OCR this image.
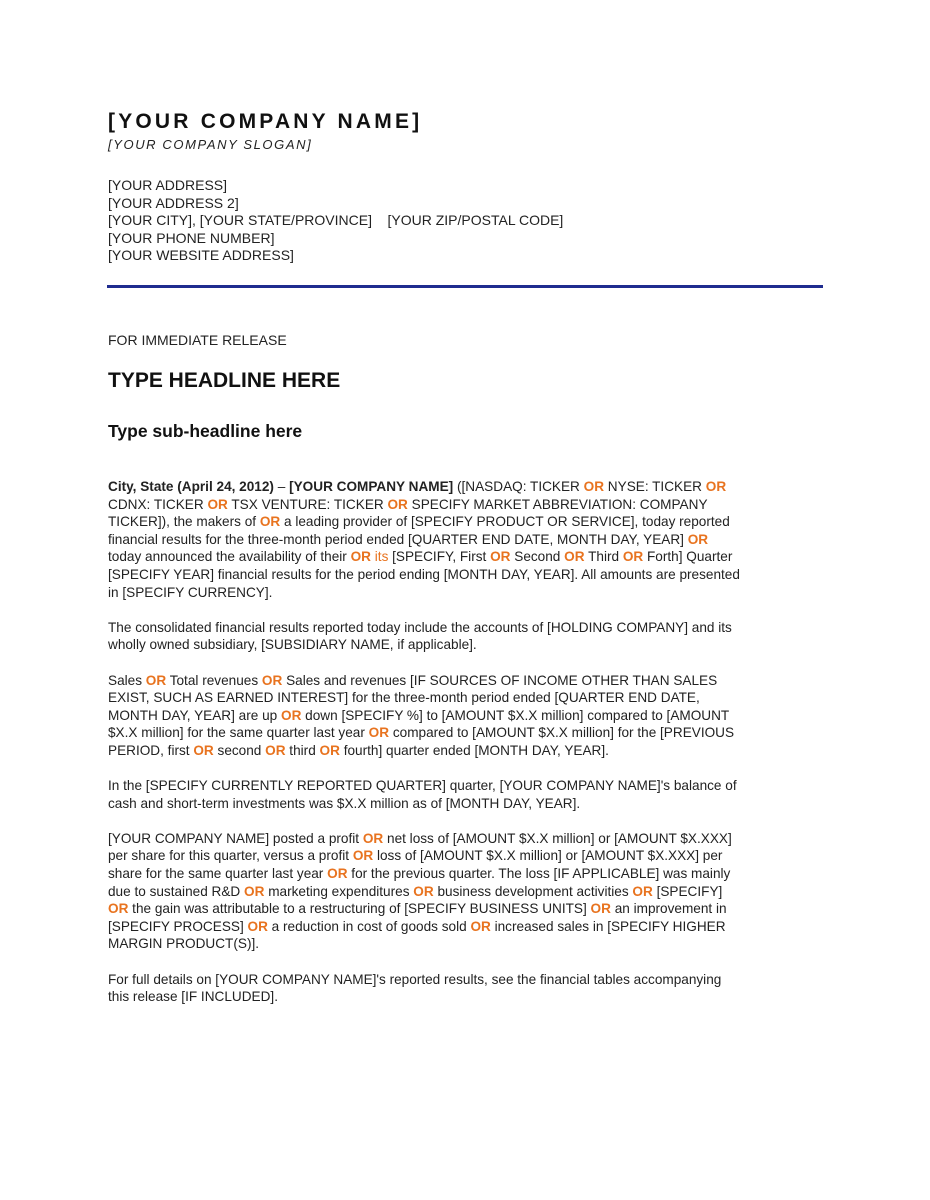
[YOUR COMPANY NAME]
[YOUR COMPANY SLOGAN]
[YOUR ADDRESS]
[YOUR ADDRESS 2]
[YOUR CITY], [YOUR STATE/PROVINCE]    [YOUR ZIP/POSTAL CODE]
[YOUR PHONE NUMBER]
[YOUR WEBSITE ADDRESS]
FOR IMMEDIATE RELEASE
TYPE HEADLINE HERE
Type sub-headline here

City, State (April 24, 2012) – [YOUR COMPANY NAME] ([NASDAQ: TICKER OR NYSE: TICKER OR
CDNX: TICKER OR TSX VENTURE: TICKER OR SPECIFY MARKET ABBREVIATION: COMPANY
TICKER]), the makers of OR a leading provider of [SPECIFY PRODUCT OR SERVICE], today reported
financial results for the three-month period ended [QUARTER END DATE, MONTH DAY, YEAR] OR
today announced the availability of their OR its [SPECIFY, First OR Second OR Third OR Forth] Quarter
[SPECIFY YEAR] financial results for the period ending [MONTH DAY, YEAR]. All amounts are presented
in [SPECIFY CURRENCY].

The consolidated financial results reported today include the accounts of [HOLDING COMPANY] and its
wholly owned subsidiary, [SUBSIDIARY NAME, if applicable].

Sales OR Total revenues OR Sales and revenues [IF SOURCES OF INCOME OTHER THAN SALES
EXIST, SUCH AS EARNED INTEREST] for the three-month period ended [QUARTER END DATE,
MONTH DAY, YEAR] are up OR down [SPECIFY %] to [AMOUNT $X.X million] compared to [AMOUNT
$X.X million] for the same quarter last year OR compared to [AMOUNT $X.X million] for the [PREVIOUS
PERIOD, first OR second OR third OR fourth] quarter ended [MONTH DAY, YEAR].

In the [SPECIFY CURRENTLY REPORTED QUARTER] quarter, [YOUR COMPANY NAME]'s balance of
cash and short-term investments was $X.X million as of [MONTH DAY, YEAR].

[YOUR COMPANY NAME] posted a profit OR net loss of [AMOUNT $X.X million] or [AMOUNT $X.XXX]
per share for this quarter, versus a profit OR loss of [AMOUNT $X.X million] or [AMOUNT $X.XXX] per
share for the same quarter last year OR for the previous quarter. The loss [IF APPLICABLE] was mainly
due to sustained R&D OR marketing expenditures OR business development activities OR [SPECIFY]
OR the gain was attributable to a restructuring of [SPECIFY BUSINESS UNITS] OR an improvement in
[SPECIFY PROCESS] OR a reduction in cost of goods sold OR increased sales in [SPECIFY HIGHER
MARGIN PRODUCT(S)].

For full details on [YOUR COMPANY NAME]'s reported results, see the financial tables accompanying
this release [IF INCLUDED].
